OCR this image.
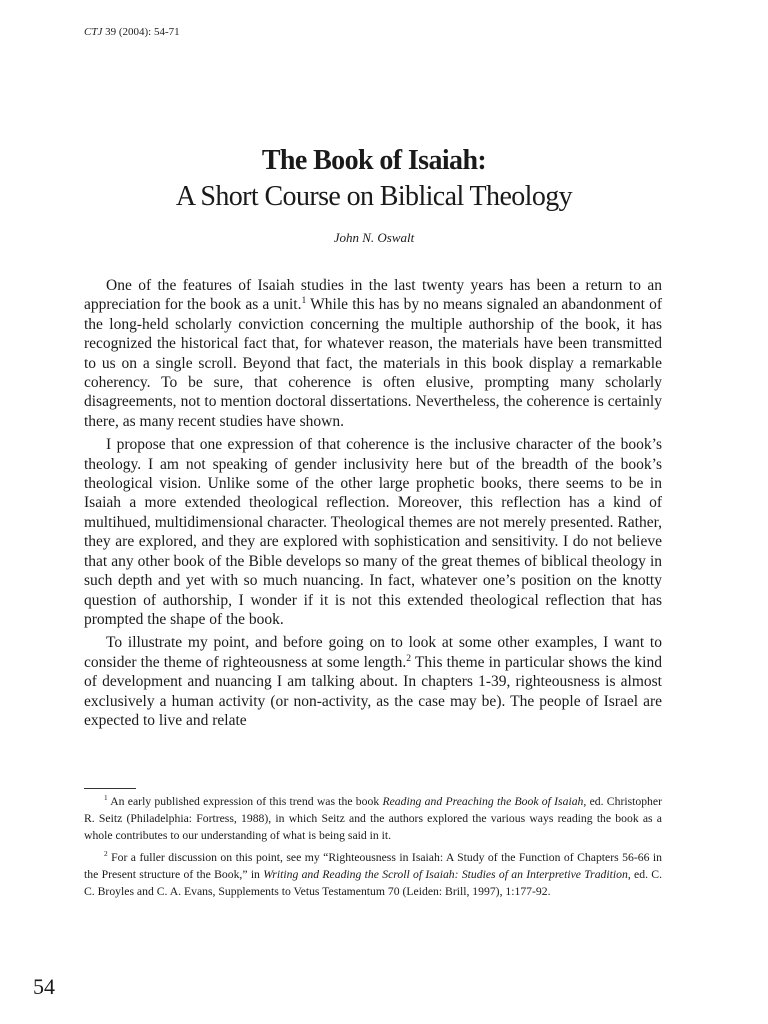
CTJ 39 (2004): 54-71
The Book of Isaiah:
A Short Course on Biblical Theology
John N. Oswalt

One of the features of Isaiah studies in the last twenty years has been a return to an appreciation for the book as a unit.$^1$ While this has by no means signaled an abandonment of the long-held scholarly conviction concerning the multiple authorship of the book, it has recognized the historical fact that, for whatever reason, the materials have been transmitted to us on a single scroll. Beyond that fact, the materials in this book display a remarkable coherency. To be sure, that coherence is often elusive, prompting many scholarly disagreements, not to mention doctoral dissertations. Nevertheless, the coherence is certainly there, as many recent studies have shown.

I propose that one expression of that coherence is the inclusive character of the book’s theology. I am not speaking of gender inclusivity here but of the breadth of the book’s theological vision. Unlike some of the other large prophetic books, there seems to be in Isaiah a more extended theological reflection. Moreover, this reflection has a kind of multihued, multidimensional character. Theological themes are not merely presented. Rather, they are explored, and they are explored with sophistication and sensitivity. I do not believe that any other book of the Bible develops so many of the great themes of biblical theology in such depth and yet with so much nuancing. In fact, whatever one’s position on the knotty question of authorship, I wonder if it is not this extended theological reflection that has prompted the shape of the book.

To illustrate my point, and before going on to look at some other examples, I want to consider the theme of righteousness at some length.$^2$ This theme in particular shows the kind of development and nuancing I am talking about. In chapters 1-39, righteousness is almost exclusively a human activity (or non-activity, as the case may be). The people of Israel are expected to live and relate

$^1$ An early published expression of this trend was the book Reading and Preaching the Book of Isaiah, ed. Christopher R. Seitz (Philadelphia: Fortress, 1988), in which Seitz and the authors explored the various ways reading the book as a whole contributes to our understanding of what is being said in it.

$^2$ For a fuller discussion on this point, see my “Righteousness in Isaiah: A Study of the Function of Chapters 56-66 in the Present structure of the Book,” in Writing and Reading the Scroll of Isaiah: Studies of an Interpretive Tradition, ed. C. C. Broyles and C. A. Evans, Supplements to Vetus Testamentum 70 (Leiden: Brill, 1997), 1:177-92.

54
